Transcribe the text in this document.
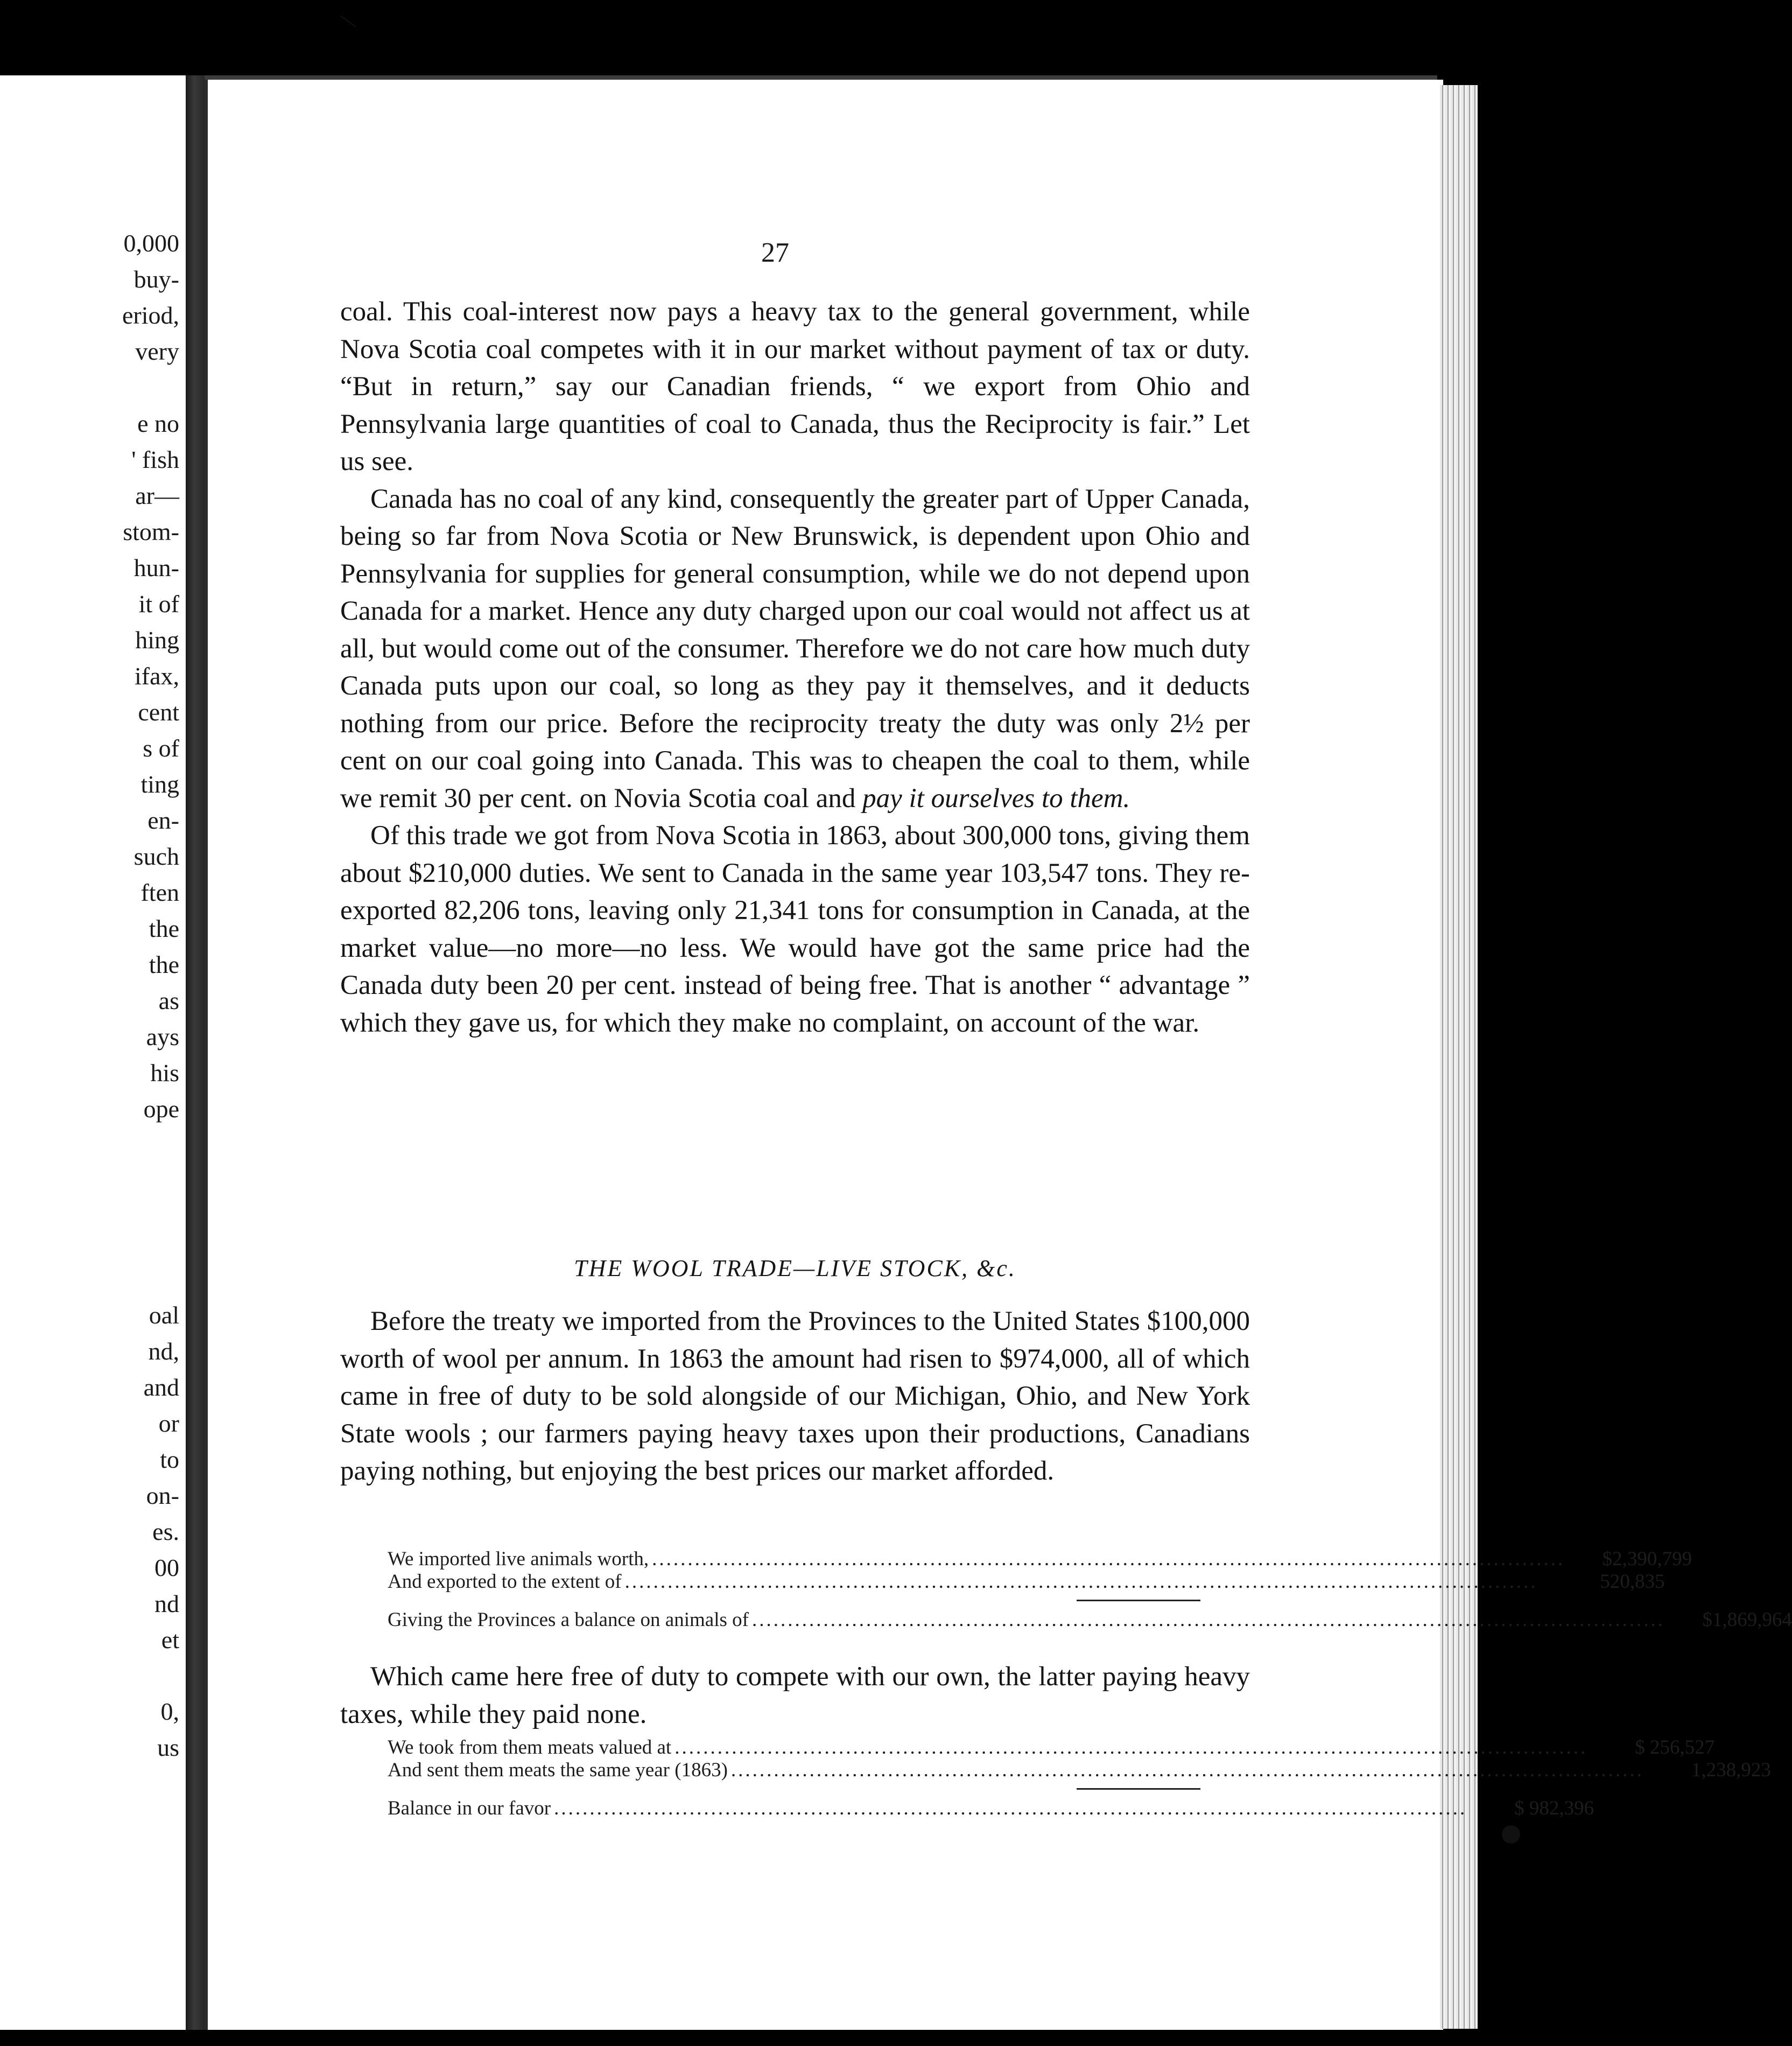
0,000
buy-
eriod,
very
e no
' fish
ar—
stom-
hun-
it of
hing
ifax,
cent
s of
ting
en-
such
ften
the
the
as
ays
his
ope
oal
nd,
and
or
to
on-
es.
00
nd
et
0,
us
\
27

coal. This coal-interest now pays a heavy tax to the general government, while Nova Scotia coal competes with it in our market without payment of tax or duty. “But in return,” say our Canadian friends, “ we export from Ohio and Pennsylvania large quantities of coal to Canada, thus the Reciprocity is fair.” Let us see.

Canada has no coal of any kind, consequently the greater part of Upper Canada, being so far from Nova Scotia or New Brunswick, is dependent upon Ohio and Pennsylvania for supplies for general consumption, while we do not depend upon Canada for a market. Hence any duty charged upon our coal would not affect us at all, but would come out of the consumer. Therefore we do not care how much duty Canada puts upon our coal, so long as they pay it themselves, and it deducts nothing from our price. Before the reciprocity treaty the duty was only 2½ per cent on our coal going into Canada. This was to cheapen the coal to them, while we remit 30 per cent. on Novia Scotia coal and pay it ourselves to them.

Of this trade we got from Nova Scotia in 1863, about 300,000 tons, giving them about $210,000 duties. We sent to Canada in the same year 103,547 tons. They re-exported 82,206 tons, leaving only 21,341 tons for consumption in Canada, at the market value—no more—no less. We would have got the same price had the Canada duty been 20 per cent. instead of being free. That is another “ advantage ” which they gave us, for which they make no complaint, on account of the war.

THE WOOL TRADE—LIVE STOCK, &c.

Before the treaty we imported from the Provinces to the United States $100,000 worth of wool per annum. In 1863 the amount had risen to $974,000, all of which came in free of duty to be sold alongside of our Michigan, Ohio, and New York State wools ; our farmers paying heavy taxes upon their productions, Canadians paying nothing, but enjoying the best prices our market afforded.

We imported live animals worth, .....	$2,390,799
And exported to the extent of .....	520,835
Giving the Provinces a balance on animals of .....	$1,869,964

Which came here free of duty to compete with our own, the latter paying heavy taxes, while they paid none.

We took from them meats valued at .....	$ 256,527
And sent them meats the same year (1863) .....	1,238,923
Balance in our favor .....	$ 982,396
